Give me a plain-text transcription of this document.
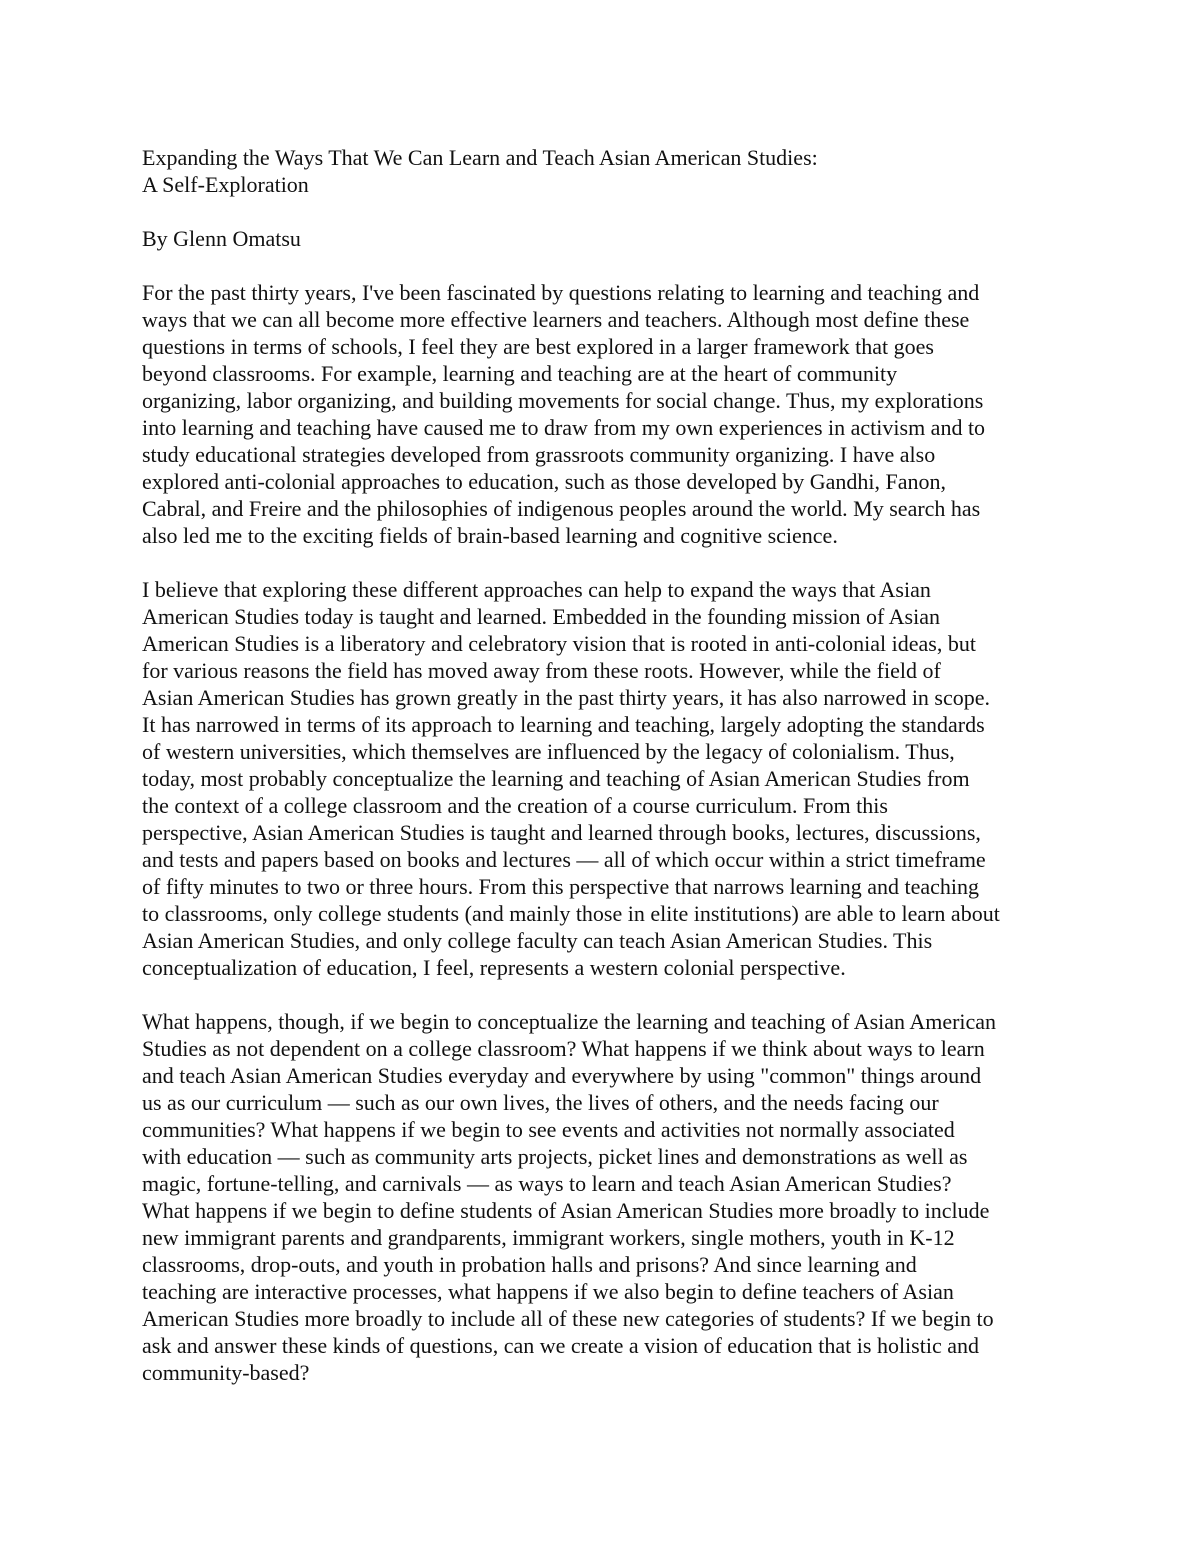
Expanding the Ways That We Can Learn and Teach Asian American Studies:
A Self-Exploration
By Glenn Omatsu
For the past thirty years, I've been fascinated by questions relating to learning and teaching and
ways that we can all become more effective learners and teachers. Although most define these
questions in terms of schools, I feel they are best explored in a larger framework that goes
beyond classrooms. For example, learning and teaching are at the heart of community
organizing, labor organizing, and building movements for social change. Thus, my explorations
into learning and teaching have caused me to draw from my own experiences in activism and to
study educational strategies developed from grassroots community organizing. I have also
explored anti-colonial approaches to education, such as those developed by Gandhi, Fanon,
Cabral, and Freire and the philosophies of indigenous peoples around the world. My search has
also led me to the exciting fields of brain-based learning and cognitive science.
I believe that exploring these different approaches can help to expand the ways that Asian
American Studies today is taught and learned. Embedded in the founding mission of Asian
American Studies is a liberatory and celebratory vision that is rooted in anti-colonial ideas, but
for various reasons the field has moved away from these roots. However, while the field of
Asian American Studies has grown greatly in the past thirty years, it has also narrowed in scope.
It has narrowed in terms of its approach to learning and teaching, largely adopting the standards
of western universities, which themselves are influenced by the legacy of colonialism. Thus,
today, most probably conceptualize the learning and teaching of Asian American Studies from
the context of a college classroom and the creation of a course curriculum. From this
perspective, Asian American Studies is taught and learned through books, lectures, discussions,
and tests and papers based on books and lectures — all of which occur within a strict timeframe
of fifty minutes to two or three hours. From this perspective that narrows learning and teaching
to classrooms, only college students (and mainly those in elite institutions) are able to learn about
Asian American Studies, and only college faculty can teach Asian American Studies. This
conceptualization of education, I feel, represents a western colonial perspective.
What happens, though, if we begin to conceptualize the learning and teaching of Asian American
Studies as not dependent on a college classroom? What happens if we think about ways to learn
and teach Asian American Studies everyday and everywhere by using "common" things around
us as our curriculum — such as our own lives, the lives of others, and the needs facing our
communities? What happens if we begin to see events and activities not normally associated
with education — such as community arts projects, picket lines and demonstrations as well as
magic, fortune-telling, and carnivals — as ways to learn and teach Asian American Studies?
What happens if we begin to define students of Asian American Studies more broadly to include
new immigrant parents and grandparents, immigrant workers, single mothers, youth in K-12
classrooms, drop-outs, and youth in probation halls and prisons? And since learning and
teaching are interactive processes, what happens if we also begin to define teachers of Asian
American Studies more broadly to include all of these new categories of students? If we begin to
ask and answer these kinds of questions, can we create a vision of education that is holistic and
community-based?
